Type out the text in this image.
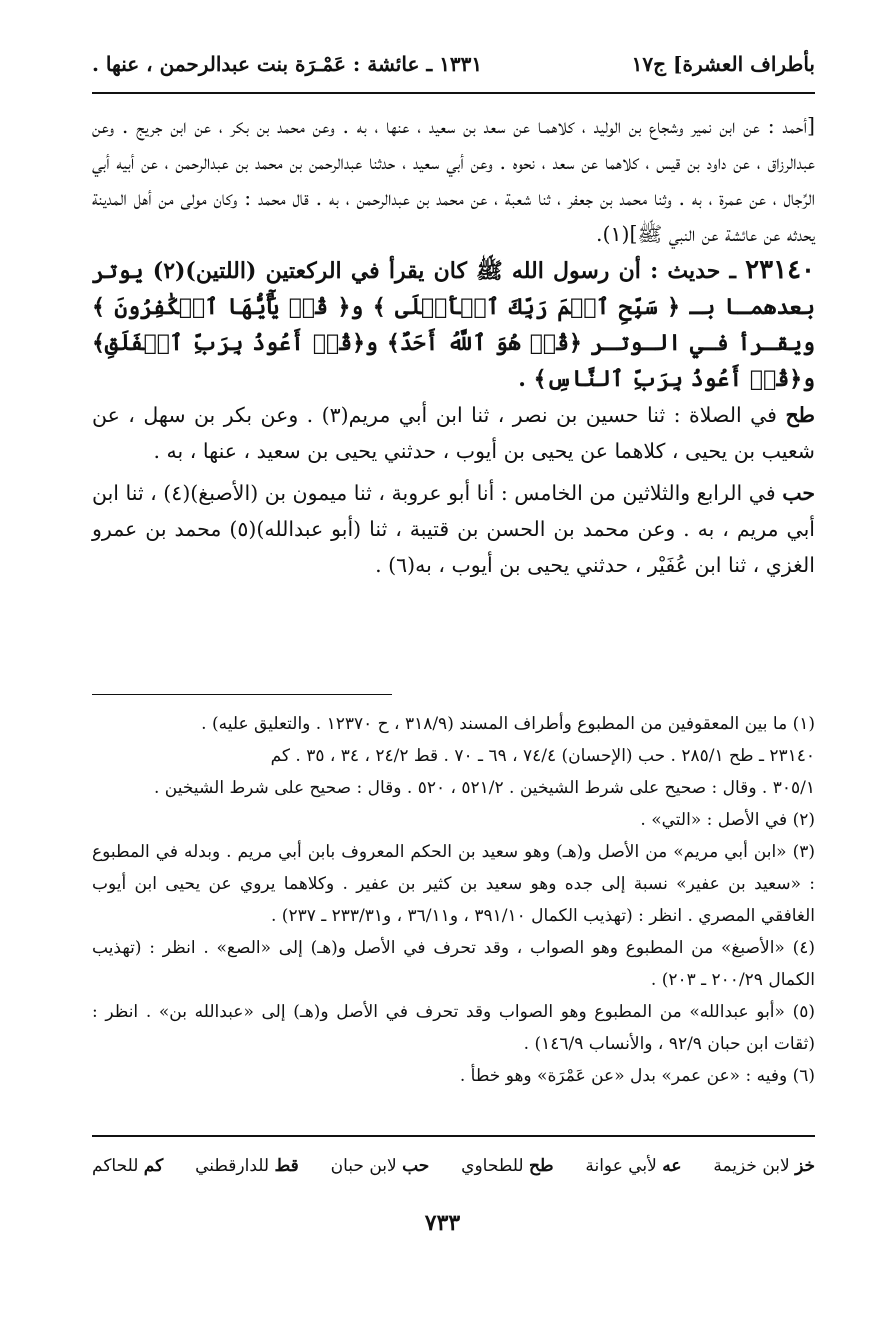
بأطراف العشرة] ج١٧
١٣٣١ ـ عائشة : عَمْـرَة بنت عبدالرحمن ، عنها .

[أحمد : عن ابن نمير وشجاع بن الوليد ، كلاهمـا عن سعد بن سعيد ، عنها ، به . وعن محمد بن بكر ، عن ابن جريج . وعن عبدالرزاق ، عن داود بن قيس ، كلاهما عن سعد ، نحوه . وعن أبي سعيد ، حدثنا عبدالرحمن بن محمد بن عبدالرحمن ، عن أبيه أبي الرِّجال ، عن عمرة ، به . وثنا محمد بن جعفر ، ثنا شعبة ، عن محمد بن عبدالرحمن ، به . قال محمد : وكان مولى من أهل المدينة يحدثه عن عائشة عن النبي ﷺ](١).

٢٣١٤٠ ـ حديث : أن رسول الله ﷺ كان يقرأ في الركعتين (اللتين)(٢) يوتر بعدهمـا بـ ﴿ سَبِّحِ ٱسۡمَ رَبِّكَ ٱلۡأَعۡلَى ﴾ و﴿ قُلۡ يَٰٓأَيُّهَا ٱلۡكَٰفِرُونَ ﴾ ويقـرأ فـي الـوتـر ﴿قُلۡ هُوَ ٱللَّهُ أَحَدٌ﴾ و﴿قُلۡ أَعُوذُ بِرَبِّ ٱلۡفَلَقِ﴾ و﴿قُلۡ أَعُوذُ بِرَبِّ ٱلنَّاسِ﴾ .

طح في الصلاة : ثنا حسين بن نصر ، ثنا ابن أبي مريم(٣) . وعن بكر بن سهل ، عن شعيب بن يحيى ، كلاهما عن يحيى بن أيوب ، حدثني يحيى بن سعيد ، عنها ، به .

حب في الرابع والثلاثين من الخامس : أنا أبو عروبة ، ثنا ميمون بن (الأصبغ)(٤) ، ثنا ابن أبي مريم ، به . وعن محمد بن الحسن بن قتيبة ، ثنا (أبو عبدالله)(٥) محمد بن عمرو الغزي ، ثنا ابن عُفَيْر ، حدثني يحيى بن أيوب ، به(٦) .

(١) ما بين المعقوفين من المطبوع وأطراف المسند (٣١٨/٩ ، ح ١٢٣٧٠ . والتعليق عليه) .

٢٣١٤٠ ـ طح ٢٨٥/١ . حب (الإحسان) ٧٤/٤ ، ٦٩ ـ ٧٠ . قط ٢٤/٢ ، ٣٤ ، ٣٥ . كم

٣٠٥/١ . وقال : صحيح على شرط الشيخين . ٥٢١/٢ ، ٥٢٠ . وقال : صحيح على شرط الشيخين .

(٢) في الأصل : «التي» .

(٣) «ابن أبي مريم» من الأصل و(هـ) وهو سعيد بن الحكم المعروف بابن أبي مريم . وبدله في المطبوع : «سعيد بن عفير» نسبة إلى جده وهو سعيد بن كثير بن عفير . وكلاهما يروي عن يحيى ابن أيوب الغافقي المصري . انظر : (تهذيب الكمال ٣٩١/١٠ ، و٣٦/١١ ، و٢٣٣/٣١ ـ ٢٣٧) .

(٤) «الأصبغ» من المطبوع وهو الصواب ، وقد تحرف في الأصل و(هـ) إلى «الصع» . انظر : (تهذيب الكمال ٢٠٠/٢٩ ـ ٢٠٣) .

(٥) «أبو عبدالله» من المطبوع وهو الصواب وقد تحرف في الأصل و(هـ) إلى «عبدالله بن» . انظر : (ثقات ابن حبان ٩٢/٩ ، والأنساب ١٤٦/٩) .

(٦) وفيه : «عن عمر» بدل «عن عَمْرَة» وهو خطأ .

خز لابن خزيمة
عه لأبي عوانة
طح للطحاوي
حب لابن حبان
قط للدارقطني
كم للحاكم
٧٣٣
